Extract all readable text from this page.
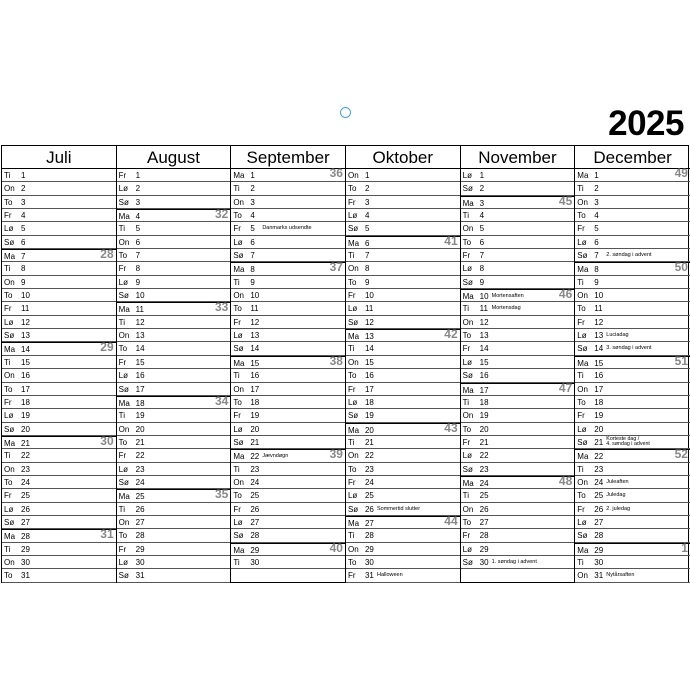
2025
Juli
Ti 1
On 2
To 3
Fr 4
Lø 5
Sø 6
Ma 7	28
Ti 8
On 9
To 10
Fr 11
Lø 12
Sø 13
Ma 14	29
Ti 15
On 16
To 17
Fr 18
Lø 19
Sø 20
Ma 21	30
Ti 22
On 23
To 24
Fr 25
Lø 26
Sø 27
Ma 28	31
Ti 29
On 30
To 31
August
Fr 1
Lø 2
Sø 3
Ma 4	32
Ti 5
On 6
To 7
Fr 8
Lø 9
Sø 10
Ma 11	33
Ti 12
On 13
To 14
Fr 15
Lø 16
Sø 17
Ma 18	34
Ti 19
On 20
To 21
Fr 22
Lø 23
Sø 24
Ma 25	35
Ti 26
On 27
To 28
Fr 29
Lø 30
Sø 31
September
Ma 1	36
Ti 2
On 3
To 4
Fr 5 Danmarks udsendte
Lø 6
Sø 7
Ma 8	37
Ti 9
On 10
To 11
Fr 12
Lø 13
Sø 14
Ma 15	38
Ti 16
On 17
To 18
Fr 19
Lø 20
Sø 21
Ma 22 Jævndøgn	39
Ti 23
On 24
To 25
Fr 26
Lø 27
Sø 28
Ma 29	40
Ti 30
Oktober
On 1
To 2
Fr 3
Lø 4
Sø 5
Ma 6	41
Ti 7
On 8
To 9
Fr 10
Lø 11
Sø 12
Ma 13	42
Ti 14
On 15
To 16
Fr 17
Lø 18
Sø 19
Ma 20	43
Ti 21
On 22
To 23
Fr 24
Lø 25
Sø 26 Sommertid slutter
Ma 27	44
Ti 28
On 29
To 30
Fr 31 Halloween
November
Lø 1
Sø 2
Ma 3	45
Ti 4
On 5
To 6
Fr 7
Lø 8
Sø 9
Ma 10 Mortensaften	46
Ti 11 Mortensdag
On 12
To 13
Fr 14
Lø 15
Sø 16
Ma 17	47
Ti 18
On 19
To 20
Fr 21
Lø 22
Sø 23
Ma 24	48
Ti 25
On 26
To 27
Fr 28
Lø 29
Sø 30 1. søndag i advent
December
Ma 1	49
Ti 2
On 3
To 4
Fr 5
Lø 6
Sø 7 2. søndag i advent
Ma 8	50
Ti 9
On 10
To 11
Fr 12
Lø 13 Luciadag
Sø 14 3. søndag i advent
Ma 15	51
Ti 16
On 17
To 18
Fr 19
Lø 20
Sø 21 Korteste dag /
4. søndag i advent
Ma 22	52
Ti 23
On 24 Juleaften
To 25 Juledag
Fr 26 2. juledag
Lø 27
Sø 28
Ma 29	1
Ti 30
On 31 Nytårsaften
